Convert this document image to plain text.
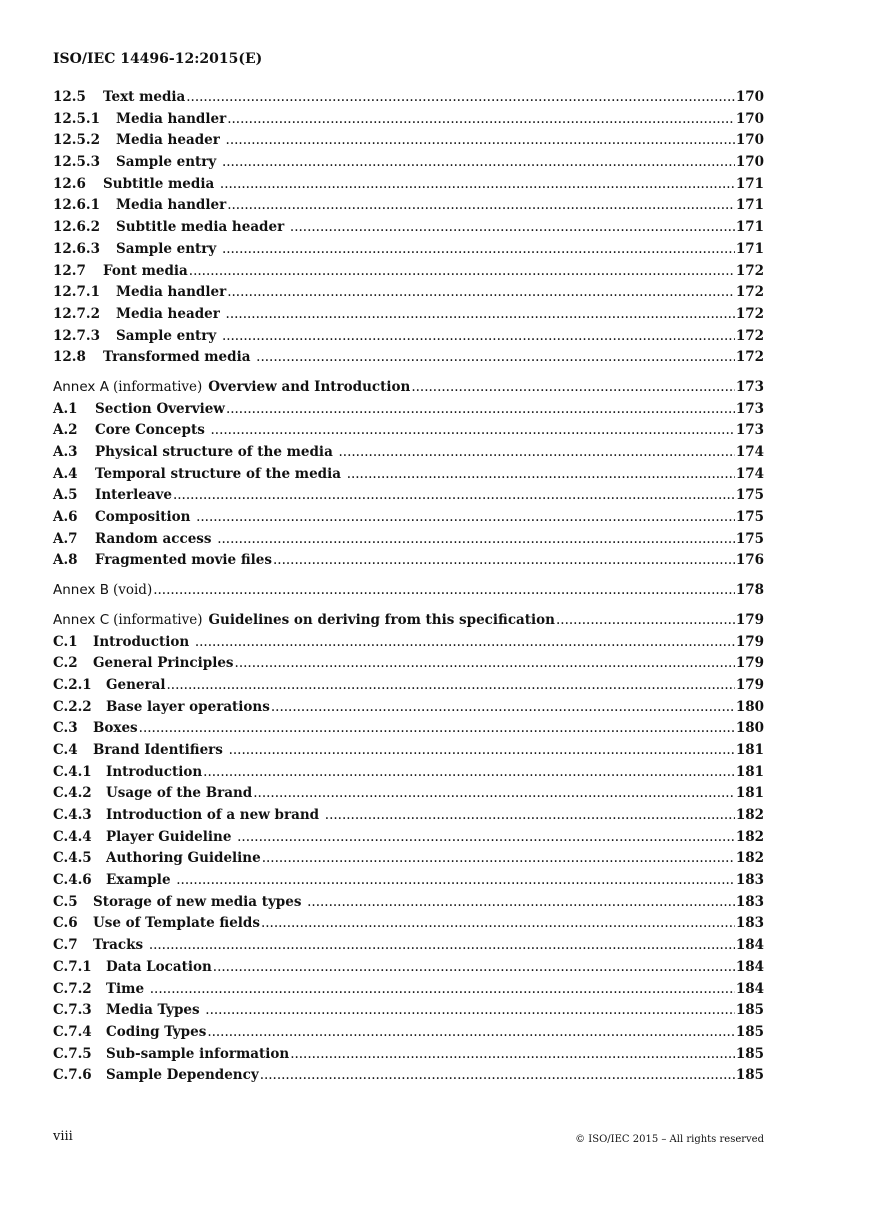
ISO/IEC 14496-12:2015(E)
12.5	Text media .....	170
12.5.1	Media handler .....	170
12.5.2	Media header .....	170
12.5.3	Sample entry .....	170
12.6	Subtitle media .....	171
12.6.1	Media handler .....	171
12.6.2	Subtitle media header .....	171
12.6.3	Sample entry .....	171
12.7	Font media .....	172
12.7.1	Media handler .....	172
12.7.2	Media header .....	172
12.7.3	Sample entry .....	172
12.8	Transformed media .....	172
Annex A (informative) Overview and Introduction .....	173
A.1	Section Overview .....	173
A.2	Core Concepts .....	173
A.3	Physical structure of the media .....	174
A.4	Temporal structure of the media .....	174
A.5	Interleave .....	175
A.6	Composition .....	175
A.7	Random access .....	175
A.8	Fragmented movie files .....	176
Annex B (void) .....	178
Annex C (informative) Guidelines on deriving from this specification .....	179
C.1	Introduction .....	179
C.2	General Principles .....	179
C.2.1	General .....	179
C.2.2	Base layer operations .....	180
C.3	Boxes .....	180
C.4	Brand Identifiers .....	181
C.4.1	Introduction .....	181
C.4.2	Usage of the Brand .....	181
C.4.3	Introduction of a new brand .....	182
C.4.4	Player Guideline .....	182
C.4.5	Authoring Guideline .....	182
C.4.6	Example .....	183
C.5	Storage of new media types .....	183
C.6	Use of Template fields .....	183
C.7	Tracks .....	184
C.7.1	Data Location .....	184
C.7.2	Time .....	184
C.7.3	Media Types .....	185
C.7.4	Coding Types .....	185
C.7.5	Sub-sample information .....	185
C.7.6	Sample Dependency .....	185
viii	© ISO/IEC 2015 – All rights reserved
